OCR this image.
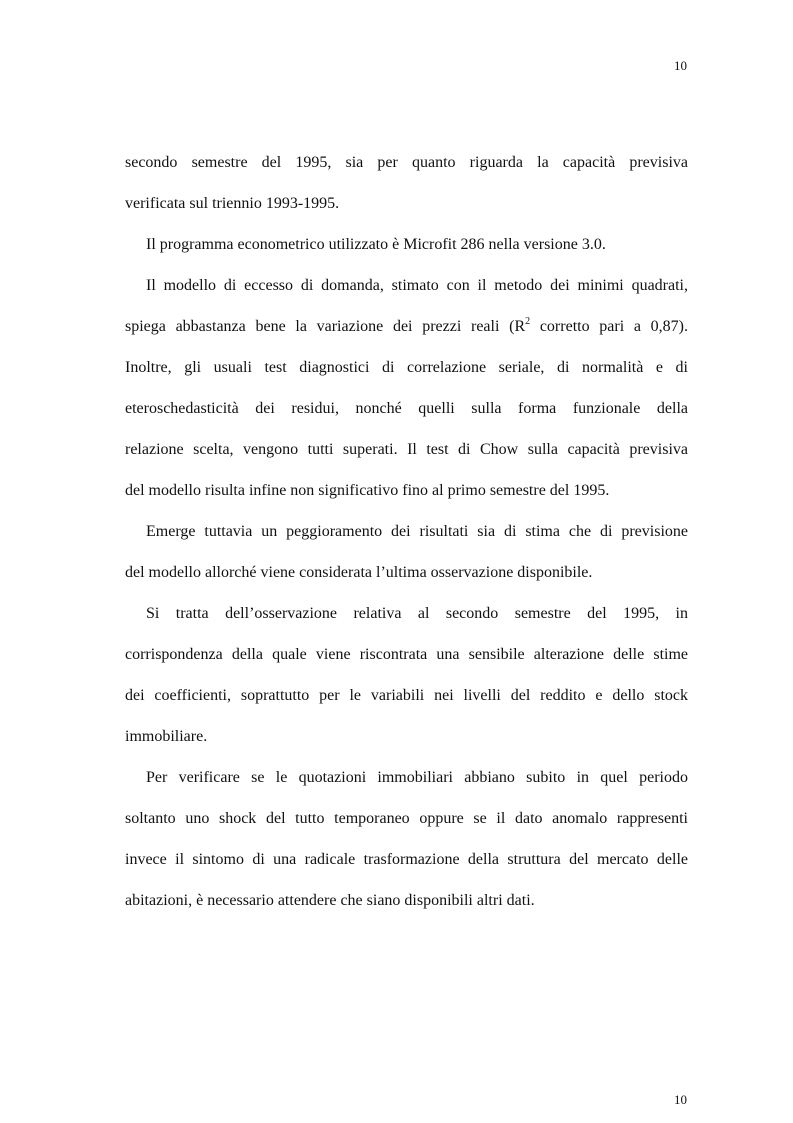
10
secondo semestre del 1995, sia per quanto riguarda la capacità previsiva
verificata sul triennio 1993-1995.
Il programma econometrico utilizzato è Microfit 286 nella versione 3.0.
Il modello di eccesso di domanda, stimato con il metodo dei minimi quadrati,
spiega abbastanza bene la variazione dei prezzi reali ($R^2$ corretto pari a 0,87).
Inoltre, gli usuali test diagnostici di correlazione seriale, di normalità e di
eteroschedasticità dei residui, nonché quelli sulla forma funzionale della
relazione scelta, vengono tutti superati. Il test di Chow sulla capacità previsiva
del modello risulta infine non significativo fino al primo semestre del 1995.
Emerge tuttavia un peggioramento dei risultati sia di stima che di previsione
del modello allorché viene considerata l’ultima osservazione disponibile.
Si tratta dell’osservazione relativa al secondo semestre del 1995, in
corrispondenza della quale viene riscontrata una sensibile alterazione delle stime
dei coefficienti, soprattutto per le variabili nei livelli del reddito e dello stock
immobiliare.
Per verificare se le quotazioni immobiliari abbiano subito in quel periodo
soltanto uno shock del tutto temporaneo oppure se il dato anomalo rappresenti
invece il sintomo di una radicale trasformazione della struttura del mercato delle
abitazioni, è necessario attendere che siano disponibili altri dati.
10
